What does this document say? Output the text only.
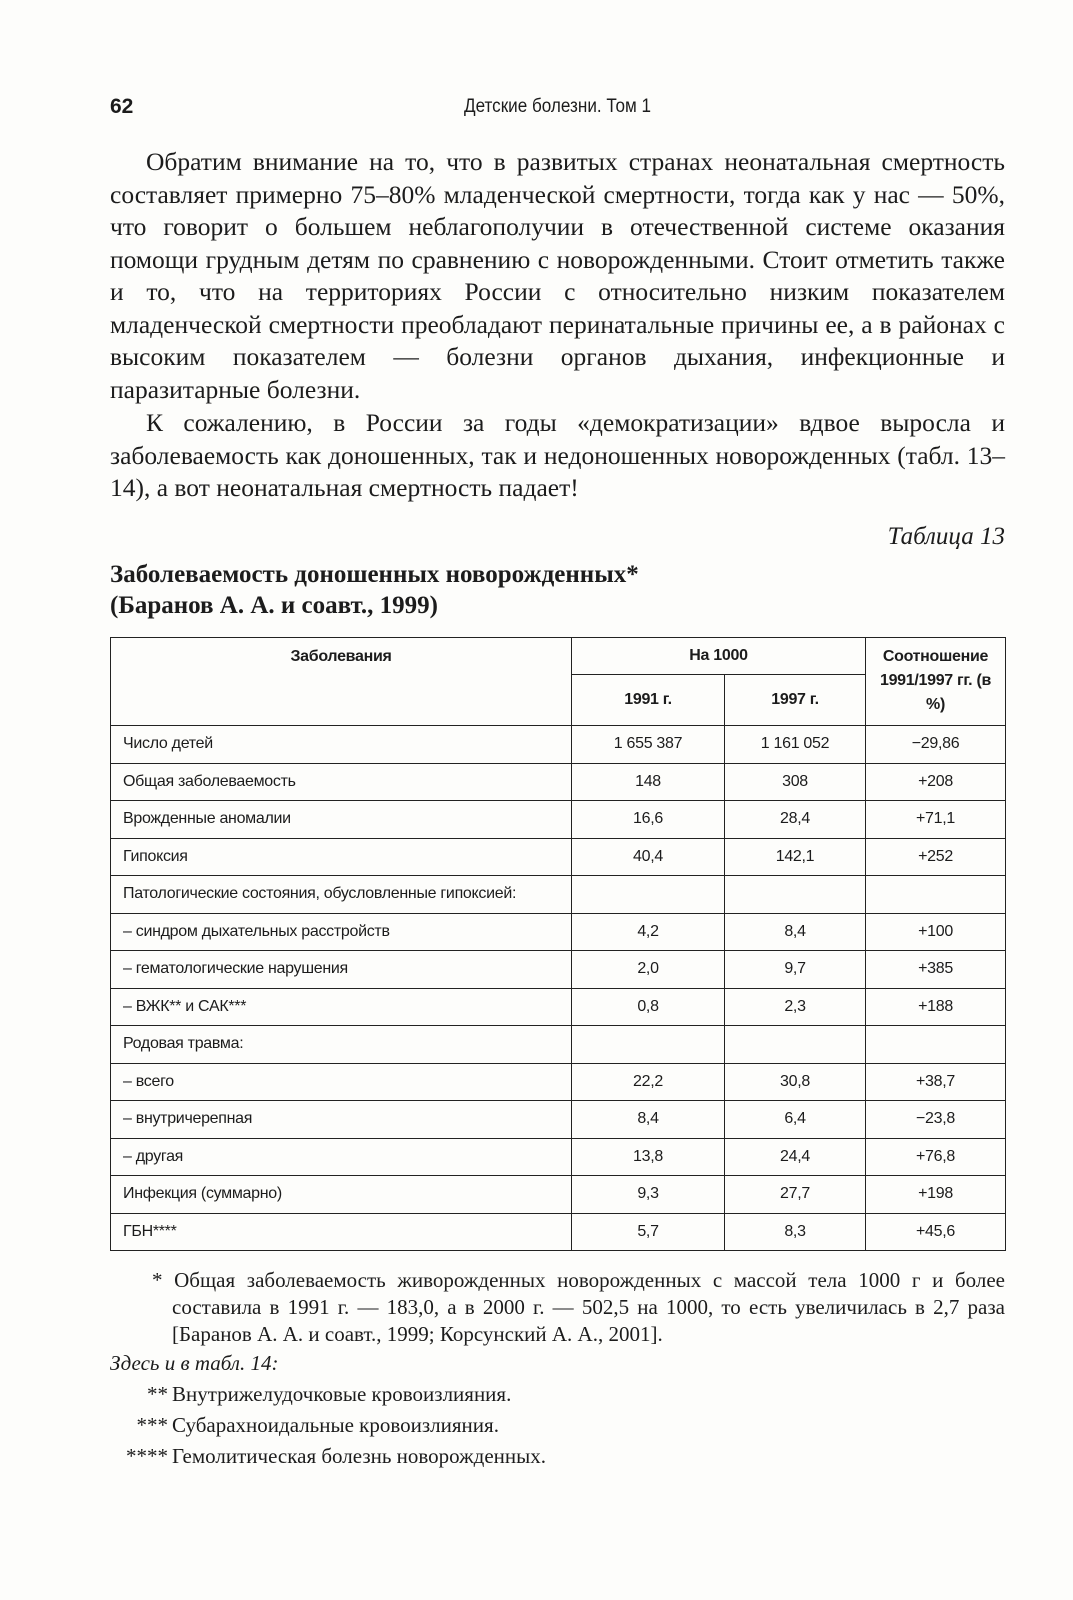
62	Детские болезни. Том 1

Обратим внимание на то, что в развитых странах неонатальная смертность составляет примерно 75–80% младенческой смертности, тогда как у нас — 50%, что говорит о большем неблагополучии в отечественной системе оказания помощи грудным детям по сравнению с новорожденными. Стоит отметить также и то, что на территориях России с относительно низким показателем младенческой смертности преобладают перинатальные причины ее, а в районах с высоким показателем — болезни органов дыхания, инфекционные и паразитарные болезни.

К сожалению, в России за годы «демократизации» вдвое выросла и заболеваемость как доношенных, так и недоношенных новорожденных (табл. 13–14), а вот неонатальная смертность падает!

Таблица 13
Заболеваемость доношенных новорожденных*
(Баранов А. А. и соавт., 1999)
Заболевания	На 1000		Соотношение 1991/1997 гг. (в %)
	1991 г.	1997 г.	
Число детей	1 655 387	1 161 052	−29,86
Общая заболеваемость	148	308	+208
Врожденные аномалии	16,6	28,4	+71,1
Гипоксия	40,4	142,1	+252
Патологические состояния, обусловленные гипоксией:			
– синдром дыхательных расстройств	4,2	8,4	+100
– гематологические нарушения	2,0	9,7	+385
– ВЖК** и САК***	0,8	2,3	+188
Родовая травма:			
– всего	22,2	30,8	+38,7
– внутричерепная	8,4	6,4	−23,8
– другая	13,8	24,4	+76,8
Инфекция (суммарно)	9,3	27,7	+198
ГБН****	5,7	8,3	+45,6
* Общая заболеваемость живорожденных новорожденных с массой тела 1000 г и более составила в 1991 г. — 183,0, а в 2000 г. — 502,5 на 1000, то есть увеличилась в 2,7 раза [Баранов А. А. и соавт., 1999; Корсунский А. А., 2001].
Здесь и в табл. 14:
** Внутрижелудочковые кровоизлияния.
*** Субарахноидальные кровоизлияния.
**** Гемолитическая болезнь новорожденных.
